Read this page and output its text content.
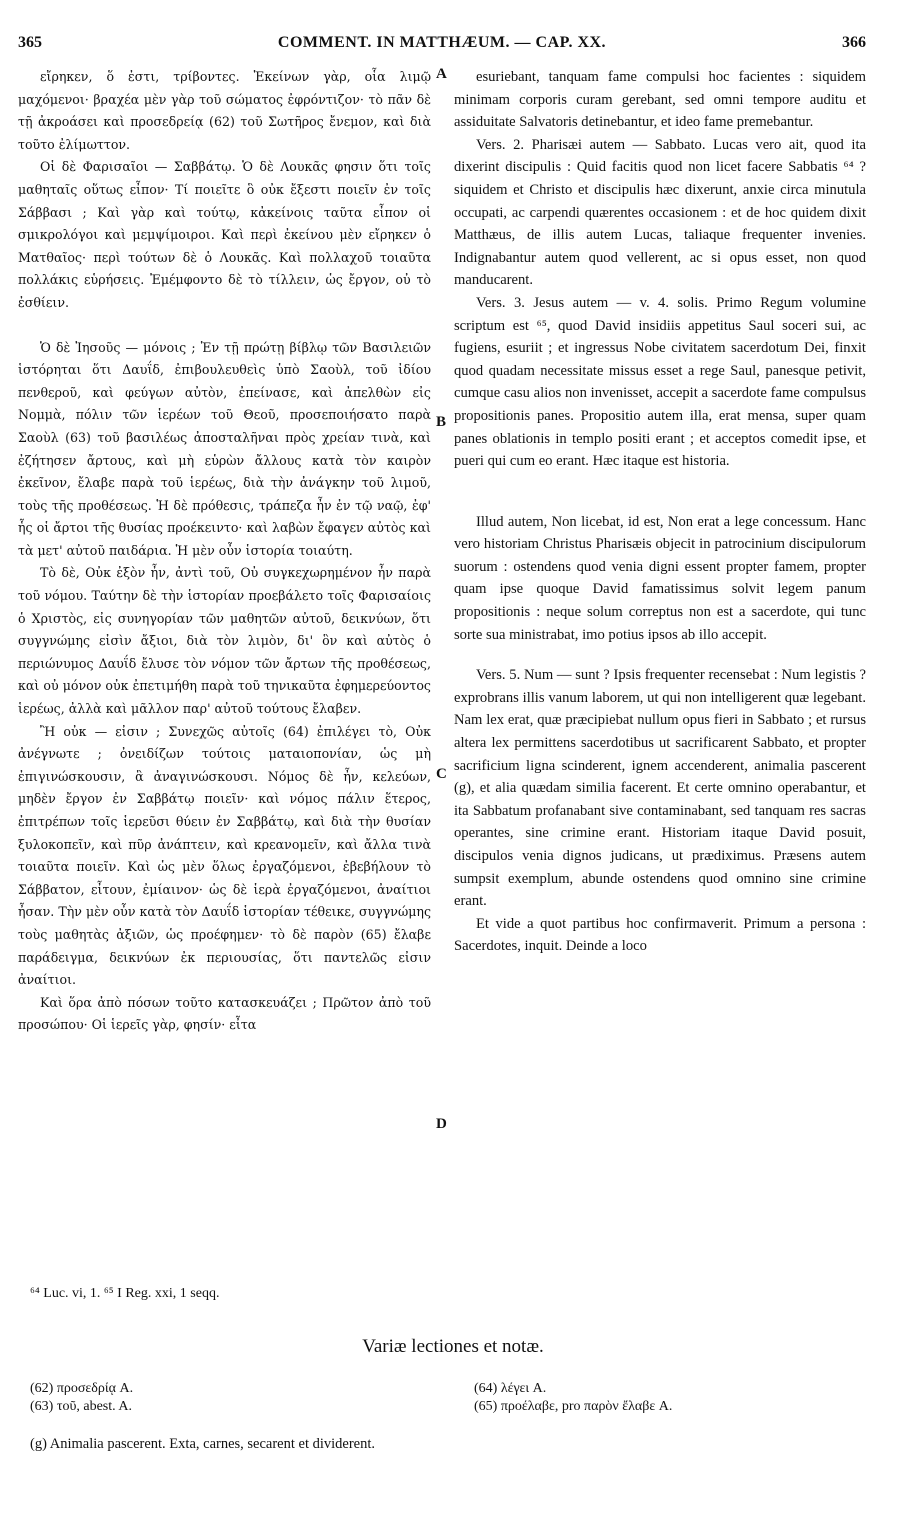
365	COMMENT. IN MATTHÆUM. — CAP. XX.	366

εἴρηκεν, ὅ ἐστι, τρίβοντες. Ἐκείνων γὰρ, οἷα λιμῷ μαχόμενοι· βραχέα μὲν γὰρ τοῦ σώματος ἐφρόντιζον· τὸ πᾶν δὲ τῇ ἀκροάσει καὶ προσεδρείᾳ (62) τοῦ Σωτῆρος ἔνεμον, καὶ διὰ τοῦτο ἐλίμωττον.

Οἱ δὲ Φαρισαῖοι — Σαββάτῳ. Ὁ δὲ Λουκᾶς φησιν ὅτι τοῖς μαθηταῖς οὕτως εἶπον· Τί ποιεῖτε ὃ οὐκ ἔξεστι ποιεῖν ἐν τοῖς Σάββασι ; Καὶ γὰρ καὶ τούτῳ, κἀκείνοις ταῦτα εἶπον οἱ σμικρολόγοι καὶ μεμψίμοιροι. Καὶ περὶ ἐκείνου μὲν εἴρηκεν ὁ Ματθαῖος· περὶ τούτων δὲ ὁ Λουκᾶς. Καὶ πολλαχοῦ τοιαῦτα πολλάκις εὑρήσεις. Ἐμέμφοντο δὲ τὸ τίλλειν, ὡς ἔργον, οὐ τὸ ἐσθίειν.

Ὁ δὲ Ἰησοῦς — μόνοις ; Ἐν τῇ πρώτῃ βίβλῳ τῶν Βασιλειῶν ἱστόρηται ὅτι Δαυΐδ, ἐπιβουλευθεὶς ὑπὸ Σαοὺλ, τοῦ ἰδίου πενθεροῦ, καὶ φεύγων αὐτὸν, ἐπείνασε, καὶ ἀπελθὼν εἰς Νομμὰ, πόλιν τῶν ἱερέων τοῦ Θεοῦ, προσεποιήσατο παρὰ Σαοὺλ (63) τοῦ βασιλέως ἀποσταλῆναι πρὸς χρείαν τινὰ, καὶ ἐζήτησεν ἄρτους, καὶ μὴ εὑρὼν ἄλλους κατὰ τὸν καιρὸν ἐκεῖνον, ἔλαβε παρὰ τοῦ ἱερέως, διὰ τὴν ἀνάγκην τοῦ λιμοῦ, τοὺς τῆς προθέσεως. Ἡ δὲ πρόθεσις, τράπεζα ἦν ἐν τῷ ναῷ, ἐφ' ἧς οἱ ἄρτοι τῆς θυσίας προέκειντο· καὶ λαβὼν ἔφαγεν αὐτὸς καὶ τὰ μετ' αὐτοῦ παιδάρια. Ἡ μὲν οὖν ἱστορία τοιαύτη.

Τὸ δὲ, Οὐκ ἐξὸν ἦν, ἀντὶ τοῦ, Οὐ συγκεχωρημένον ἦν παρὰ τοῦ νόμου. Ταύτην δὲ τὴν ἱστορίαν προεβάλετο τοῖς Φαρισαίοις ὁ Χριστὸς, εἰς συνηγορίαν τῶν μαθητῶν αὐτοῦ, δεικνύων, ὅτι συγγνώμης εἰσὶν ἄξιοι, διὰ τὸν λιμὸν, δι' ὃν καὶ αὐτὸς ὁ περιώνυμος Δαυΐδ ἔλυσε τὸν νόμον τῶν ἄρτων τῆς προθέσεως, καὶ οὐ μόνον οὐκ ἐπετιμήθη παρὰ τοῦ τηνικαῦτα ἐφημερεύοντος ἱερέως, ἀλλὰ καὶ μᾶλλον παρ' αὐτοῦ τούτους ἔλαβεν.

Ἢ οὐκ — εἰσιν ; Συνεχῶς αὐτοῖς (64) ἐπιλέγει τὸ, Οὐκ ἀνέγνωτε ; ὀνειδίζων τούτοις ματαιοπονίαν, ὡς μὴ ἐπιγινώσκουσιν, ἃ ἀναγινώσκουσι. Νόμος δὲ ἦν, κελεύων, μηδὲν ἔργον ἐν Σαββάτῳ ποιεῖν· καὶ νόμος πάλιν ἕτερος, ἐπιτρέπων τοῖς ἱερεῦσι θύειν ἐν Σαββάτῳ, καὶ διὰ τὴν θυσίαν ξυλοκοπεῖν, καὶ πῦρ ἀνάπτειν, καὶ κρεανομεῖν, καὶ ἄλλα τινὰ τοιαῦτα ποιεῖν. Καὶ ὡς μὲν ὅλως ἐργαζόμενοι, ἐβεβήλουν τὸ Σάββατον, εἶτουν, ἐμίαινον· ὡς δὲ ἱερὰ ἐργαζόμενοι, ἀναίτιοι ἦσαν. Τὴν μὲν οὖν κατὰ τὸν Δαυΐδ ἱστορίαν τέθεικε, συγγνώμης τοὺς μαθητὰς ἀξιῶν, ὡς προέφημεν· τὸ δὲ παρὸν (65) ἔλαβε παράδειγμα, δεικνύων ἐκ περιουσίας, ὅτι παντελῶς εἰσιν ἀναίτιοι.

Καὶ ὅρα ἀπὸ πόσων τοῦτο κατασκευάζει ; Πρῶτον ἀπὸ τοῦ προσώπου· Οἱ ἱερεῖς γὰρ, φησίν· εἶτα

A
B
C
D

esuriebant, tanquam fame compulsi hoc facientes : siquidem minimam corporis curam gerebant, sed omni tempore auditu et assiduitate Salvatoris detinebantur, et ideo fame premebantur.

Vers. 2. Pharisæi autem — Sabbato. Lucas vero ait, quod ita dixerint discipulis : Quid facitis quod non licet facere Sabbatis ⁶⁴ ? siquidem et Christo et discipulis hæc dixerunt, anxie circa minutula occupati, ac carpendi quærentes occasionem : et de hoc quidem dixit Matthæus, de illis autem Lucas, taliaque frequenter invenies. Indignabantur autem quod vellerent, ac si opus esset, non quod manducarent.

Vers. 3. Jesus autem — v. 4. solis. Primo Regum volumine scriptum est ⁶⁵, quod David insidiis appetitus Saul soceri sui, ac fugiens, esuriit ; et ingressus Nobe civitatem sacerdotum Dei, finxit quod quadam necessitate missus esset a rege Saul, panesque petivit, cumque casu alios non invenisset, accepit a sacerdote fame compulsus propositionis panes. Propositio autem illa, erat mensa, super quam panes oblationis in templo positi erant ; et acceptos comedit ipse, et pueri qui cum eo erant. Hæc itaque est historia.

Illud autem, Non licebat, id est, Non erat a lege concessum. Hanc vero historiam Christus Pharisæis objecit in patrocinium discipulorum suorum : ostendens quod venia digni essent propter famem, propter quam ipse quoque David famatissimus solvit legem panum propositionis : neque solum correptus non est a sacerdote, qui tunc sorte sua ministrabat, imo potius ipsos ab illo accepit.

Vers. 5. Num — sunt ? Ipsis frequenter recensebat : Num legistis ? exprobrans illis vanum laborem, ut qui non intelligerent quæ legebant. Nam lex erat, quæ præcipiebat nullum opus fieri in Sabbato ; et rursus altera lex permittens sacerdotibus ut sacrificarent Sabbato, et propter sacrificium ligna scinderent, ignem accenderent, animalia pascerent (g), et alia quædam similia facerent. Et certe omnino operabantur, et ita Sabbatum profanabant sive contaminabant, sed tanquam res sacras operantes, sine crimine erant. Historiam itaque David posuit, discipulos venia dignos judicans, ut prædiximus. Præsens autem sumpsit exemplum, abunde ostendens quod omnino sine crimine erant.

Et vide a quot partibus hoc confirmaverit. Primum a persona : Sacerdotes, inquit. Deinde a loco

⁶⁴ Luc. vi, 1. ⁶⁵ I Reg. xxi, 1 seqq.
Variæ lectiones et notæ.
(62) προσεδρίᾳ A.
(63) τοῦ, abest. A.
(64) λέγει A.
(65) προέλαβε, pro παρὸν ἔλαβε A.
(g) Animalia pascerent. Exta, carnes, secarent et dividerent.
